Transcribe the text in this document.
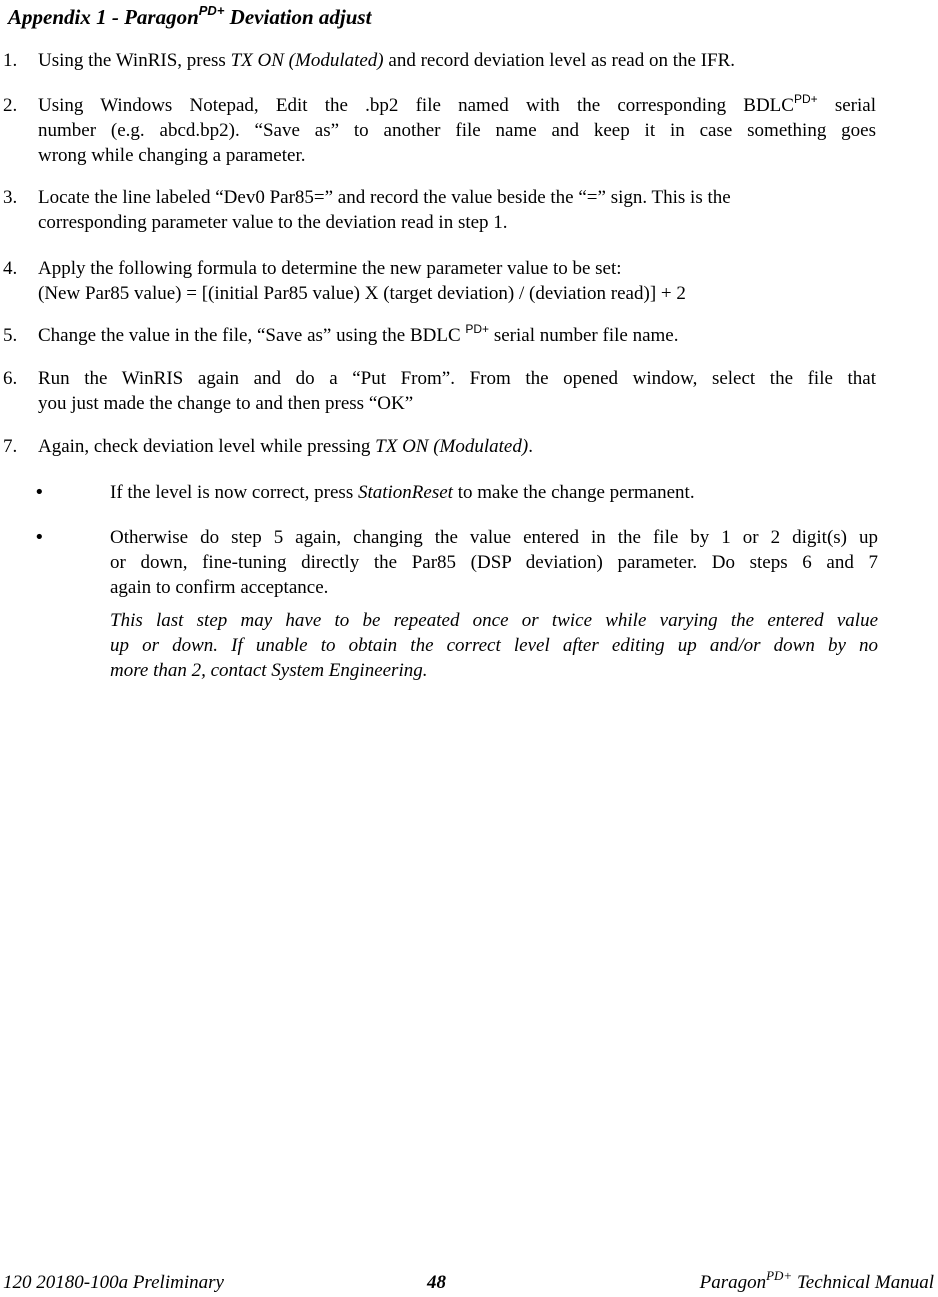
Appendix 1 - Paragon$^{PD+}$ Deviation adjust
1. Using the WinRIS, press TX ON (Modulated) and record deviation level as read on the IFR.
2. Using Windows Notepad, Edit the .bp2 file named with the corresponding $BDLC^{PD+}$ serial
number (e.g. abcd.bp2). “Save as” to another file name and keep it in case something goes
wrong while changing a parameter.
3. Locate the line labeled “Dev0 Par85=” and record the value beside the “=” sign. This is the
corresponding parameter value to the deviation read in step 1.
4. Apply the following formula to determine the new parameter value to be set:
(New Par85 value) = [(initial Par85 value) X (target deviation) / (deviation read)] + 2
5. Change the value in the file, “Save as” using the BDLC $^{PD+}$ serial number file name.
6. Run the WinRIS again and do a “Put From”. From the opened window, select the file that
you just made the change to and then press “OK”
7. Again, check deviation level while pressing TX ON (Modulated).
•	If the level is now correct, press StationReset to make the change permanent.
•	Otherwise do step 5 again, changing the value entered in the file by 1 or 2 digit(s) up
or down, fine-tuning directly the Par85 (DSP deviation) parameter. Do steps 6 and 7
again to confirm acceptance.
This last step may have to be repeated once or twice while varying the entered value
up or down. If unable to obtain the correct level after editing up and/or down by no
more than 2, contact System Engineering.
120 20180-100a Preliminary	48	Paragon$^{PD+}$ Technical Manual
